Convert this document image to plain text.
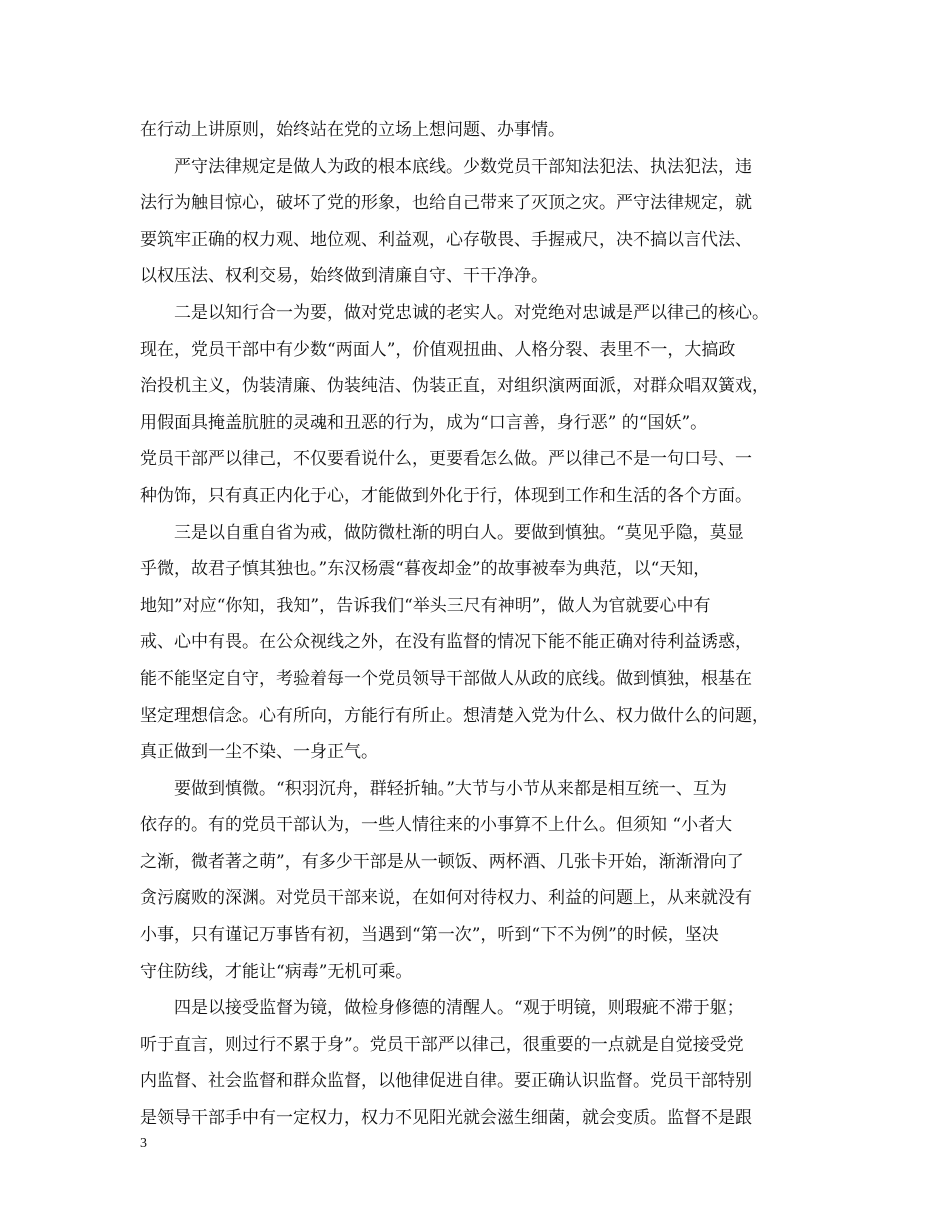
在行动上讲原则，始终站在党的立场上想问题、办事情。

　　严守法律规定是做人为政的根本底线。少数党员干部知法犯法、执法犯法，违
法行为触目惊心，破坏了党的形象，也给自己带来了灭顶之灾。严守法律规定，就
要筑牢正确的权力观、地位观、利益观，心存敬畏、手握戒尺，决不搞以言代法、
以权压法、权利交易，始终做到清廉自守、干干净净。

　　二是以知行合一为要，做对党忠诚的老实人。对党绝对忠诚是严以律己的核心。
现在，党员干部中有少数“两面人”，价值观扭曲、人格分裂、表里不一，大搞政
治投机主义，伪装清廉、伪装纯洁、伪装正直，对组织演两面派，对群众唱双簧戏，
用假面具掩盖肮脏的灵魂和丑恶的行为，成为“口言善，身行恶” 的“国妖”。
党员干部严以律己，不仅要看说什么，更要看怎么做。严以律己不是一句口号、一
种伪饰，只有真正内化于心，才能做到外化于行，体现到工作和生活的各个方面。

　　三是以自重自省为戒，做防微杜渐的明白人。要做到慎独。“莫见乎隐，莫显
乎微，故君子慎其独也。”东汉杨震“暮夜却金”的故事被奉为典范，以“天知，
地知”对应“你知，我知”，告诉我们“举头三尺有神明”，做人为官就要心中有
戒、心中有畏。在公众视线之外，在没有监督的情况下能不能正确对待利益诱惑，
能不能坚定自守，考验着每一个党员领导干部做人从政的底线。做到慎独，根基在
坚定理想信念。心有所向，方能行有所止。想清楚入党为什么、权力做什么的问题，
真正做到一尘不染、一身正气。

　　要做到慎微。“积羽沉舟，群轻折轴。”大节与小节从来都是相互统一、互为
依存的。有的党员干部认为，一些人情往来的小事算不上什么。但须知 “小者大
之渐，微者著之萌”，有多少干部是从一顿饭、两杯酒、几张卡开始，渐渐滑向了
贪污腐败的深渊。对党员干部来说，在如何对待权力、利益的问题上，从来就没有
小事，只有谨记万事皆有初，当遇到“第一次”，听到“下不为例”的时候，坚决
守住防线，才能让“病毒”无机可乘。

　　四是以接受监督为镜，做检身修德的清醒人。“观于明镜，则瑕疵不滞于躯；
听于直言，则过行不累于身”。党员干部严以律己，很重要的一点就是自觉接受党
内监督、社会监督和群众监督，以他律促进自律。要正确认识监督。党员干部特别
是领导干部手中有一定权力，权力不见阳光就会滋生细菌，就会变质。监督不是跟

3
